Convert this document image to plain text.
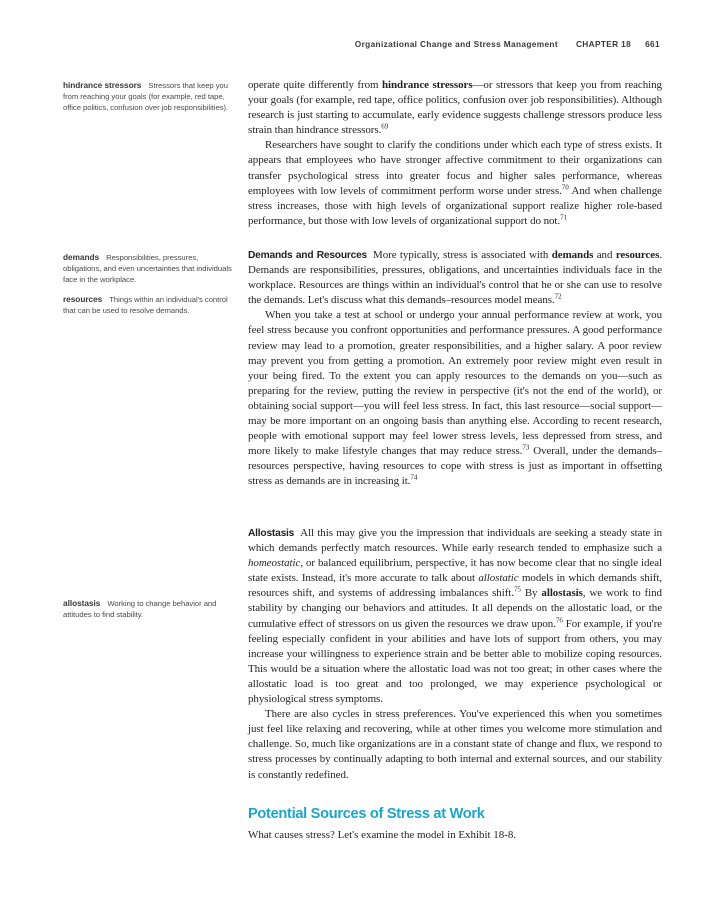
Organizational Change and Stress Management CHAPTER 18 661
hindrance stressors Stressors that keep you from reaching your goals (for example, red tape, office politics, confusion over job responsibilities).
demands Responsibilities, pressures, obligations, and even uncertainties that individuals face in the workplace.
resources Things within an individual's control that can be used to resolve demands.
allostasis Working to change behavior and attitudes to find stability.

operate quite differently from hindrance stressors—or stressors that keep you from reaching your goals (for example, red tape, office politics, confusion over job responsibilities). Although research is just starting to accumulate, early evidence suggests challenge stressors produce less strain than hindrance stressors.$^{69}$

Researchers have sought to clarify the conditions under which each type of stress exists. It appears that employees who have stronger affective commitment to their organizations can transfer psychological stress into greater focus and higher sales performance, whereas employees with low levels of commitment perform worse under stress.$^{70}$ And when challenge stress increases, those with high levels of organizational support realize higher role-based performance, but those with low levels of organizational support do not.$^{71}$

Demands and Resources More typically, stress is associated with demands and resources. Demands are responsibilities, pressures, obligations, and uncertainties individuals face in the workplace. Resources are things within an individual's control that he or she can use to resolve the demands. Let's discuss what this demands–resources model means.$^{72}$

When you take a test at school or undergo your annual performance review at work, you feel stress because you confront opportunities and performance pressures. A good performance review may lead to a promotion, greater responsibilities, and a higher salary. A poor review may prevent you from getting a promotion. An extremely poor review might even result in your being fired. To the extent you can apply resources to the demands on you—such as preparing for the review, putting the review in perspective (it's not the end of the world), or obtaining social support—you will feel less stress. In fact, this last resource—social support—may be more important on an ongoing basis than anything else. According to recent research, people with emotional support may feel lower stress levels, less depressed from stress, and more likely to make lifestyle changes that may reduce stress.$^{73}$ Overall, under the demands–resources perspective, having resources to cope with stress is just as important in offsetting stress as demands are in increasing it.$^{74}$

Allostasis All this may give you the impression that individuals are seeking a steady state in which demands perfectly match resources. While early research tended to emphasize such a homeostatic, or balanced equilibrium, perspective, it has now become clear that no single ideal state exists. Instead, it's more accurate to talk about allostatic models in which demands shift, resources shift, and systems of addressing imbalances shift.$^{75}$ By allostasis, we work to find stability by changing our behaviors and attitudes. It all depends on the allostatic load, or the cumulative effect of stressors on us given the resources we draw upon.$^{76}$ For example, if you're feeling especially confident in your abilities and have lots of support from others, you may increase your willingness to experience strain and be better able to mobilize coping resources. This would be a situation where the allostatic load was not too great; in other cases where the allostatic load is too great and too prolonged, we may experience psychological or physiological stress symptoms.

There are also cycles in stress preferences. You've experienced this when you sometimes just feel like relaxing and recovering, while at other times you welcome more stimulation and challenge. So, much like organizations are in a constant state of change and flux, we respond to stress processes by continually adapting to both internal and external sources, and our stability is constantly redefined.

Potential Sources of Stress at Work
What causes stress? Let's examine the model in Exhibit 18-8.
